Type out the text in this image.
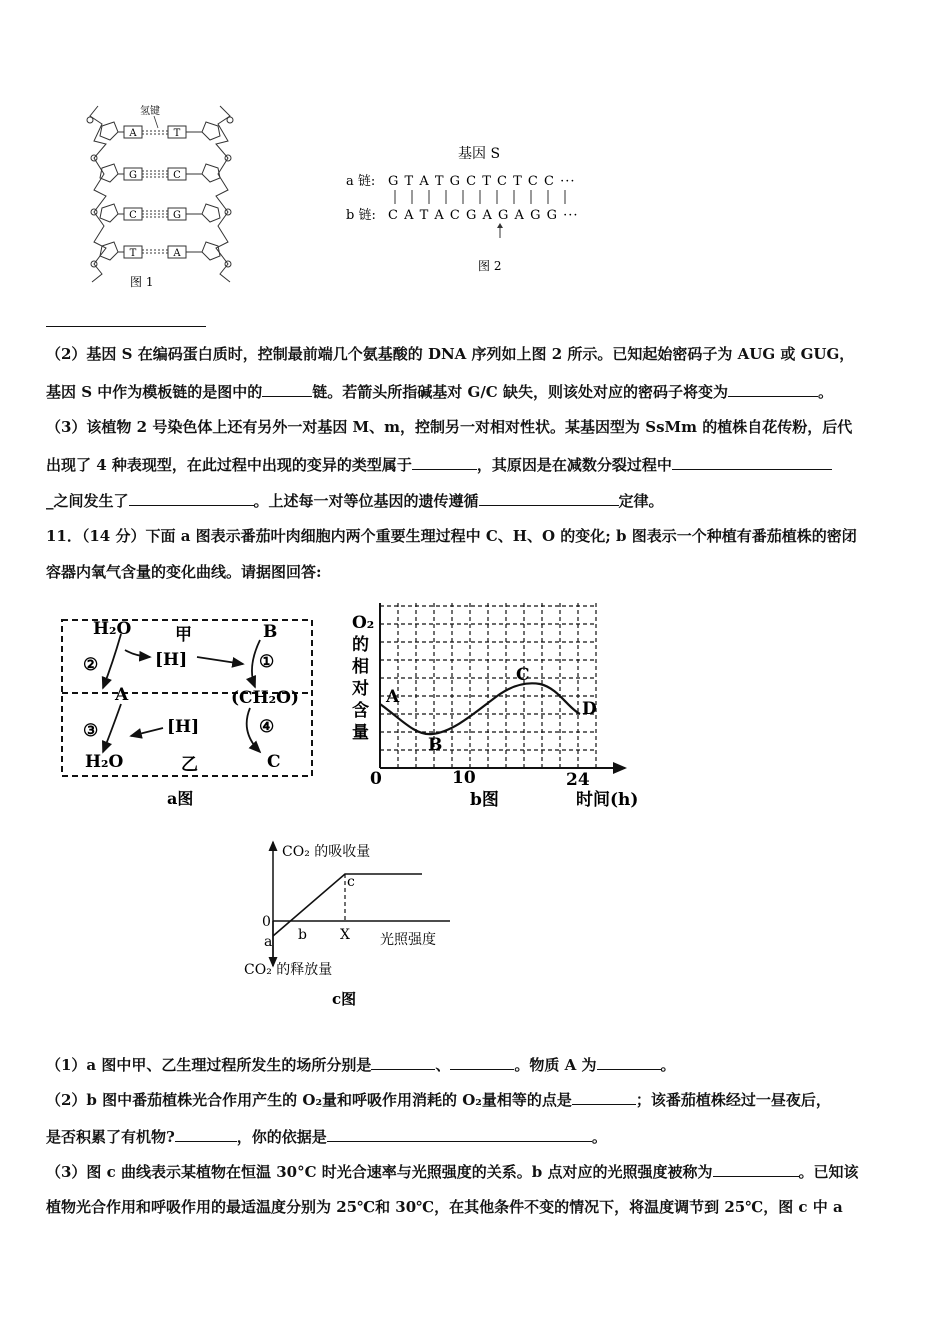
氢键
A	T
G	C
C	G
T	A
图 1
基因 S
a 链: G T A T G C T C T C C ···
b 链: C A T A C G A G A G G ···
图 2
（2）基因 S 在编码蛋白质时，控制最前端几个氨基酸的 DNA 序列如上图 2 所示。已知起始密码子为 AUG 或 GUG，
基因 S 中作为模板链的是图中的	链。若箭头所指碱基对 G/C 缺失，则该处对应的密码子将变为	。
（3）该植物 2 号染色体上还有另外一对基因 M、m，控制另一对相对性状。某基因型为 SsMm 的植株自花传粉，后代
出现了 4 种表现型，在此过程中出现的变异的类型属于	，其原因是在减数分裂过程中
_之间发生了	。上述每一对等位基因的遗传遵循	定律。
11．（14 分）下面 a 图表示番茄叶肉细胞内两个重要生理过程中 C、H、O 的变化; b 图表示一个种植有番茄植株的密闭
容器内氧气含量的变化曲线。请据图回答:
H₂O	甲	B
②	[H]	①
A	(CH₂O)
③	[H]	④
H₂O	乙	C
a图
O₂
的
相
对
含
量
A
B
C
D
0	10	24
时间(h)
b图
CO₂ 的吸收量
0
a b
c
X 光照强度
CO₂ 的释放量
c图
（1）a 图中甲、乙生理过程所发生的场所分别是	、	。物质 A 为	。
（2）b 图中番茄植株光合作用产生的 O₂量和呼吸作用消耗的 O₂量相等的点是	；该番茄植株经过一昼夜后，
是否积累了有机物?	，你的依据是	。
（3）图 c 曲线表示某植物在恒温 30°C 时光合速率与光照强度的关系。b 点对应的光照强度被称为	。已知该
植物光合作用和呼吸作用的最适温度分别为 25℃和 30℃，在其他条件不变的情况下，将温度调节到 25℃，图 c 中 a
